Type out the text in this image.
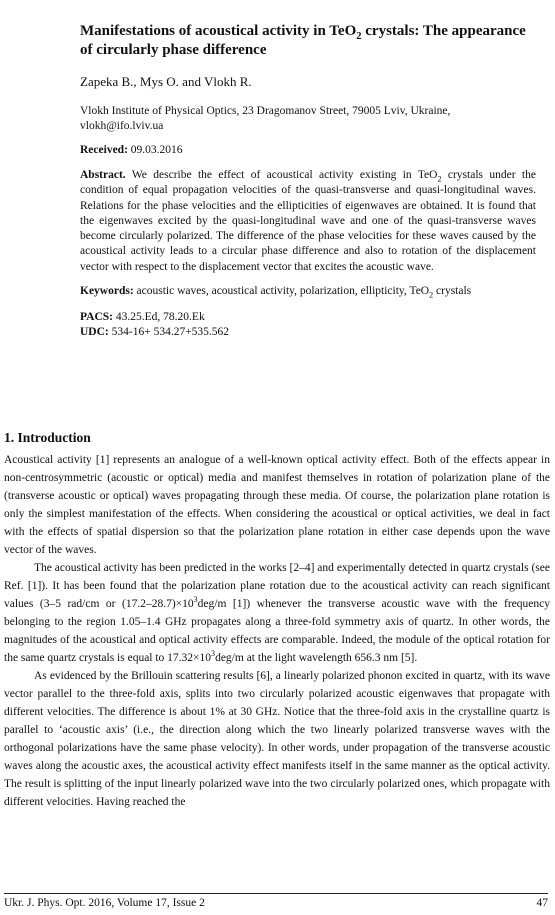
Manifestations of acoustical activity in TeO$_2$ crystals: The appearance of circularly phase difference
Zapeka B., Mys O. and Vlokh R.
Vlokh Institute of Physical Optics, 23 Dragomanov Street, 79005 Lviv, Ukraine, vlokh@ifo.lviv.ua
Received: 09.03.2016
Abstract. We describe the effect of acoustical activity existing in TeO$_2$ crystals under the condition of equal propagation velocities of the quasi-transverse and quasi-longitudinal waves. Relations for the phase velocities and the ellipticities of eigenwaves are obtained. It is found that the eigenwaves excited by the quasi-longitudinal wave and one of the quasi-transverse waves become circularly polarized. The difference of the phase velocities for these waves caused by the acoustical activity leads to a circular phase difference and also to rotation of the displacement vector with respect to the displacement vector that excites the acoustic wave.
Keywords: acoustic waves, acoustical activity, polarization, ellipticity, TeO$_2$ crystals
PACS: 43.25.Ed, 78.20.Ek
UDC: 534-16+ 534.27+535.562
1. Introduction

Acoustical activity [1] represents an analogue of a well-known optical activity effect. Both of the effects appear in non-centrosymmetric (acoustic or optical) media and manifest themselves in rotation of polarization plane of the (transverse acoustic or optical) waves propagating through these media. Of course, the polarization plane rotation is only the simplest manifestation of the effects. When considering the acoustical or optical activities, we deal in fact with the effects of spatial dispersion so that the polarization plane rotation in either case depends upon the wave vector of the waves.

The acoustical activity has been predicted in the works [2–4] and experimentally detected in quartz crystals (see Ref. [1]). It has been found that the polarization plane rotation due to the acoustical activity can reach significant values (3–5 rad/cm or $(17.2-28.7)\times 10^3deg/m$ [1]) whenever the transverse acoustic wave with the frequency belonging to the region 1.05–1.4 GHz propagates along a three-fold symmetry axis of quartz. In other words, the magnitudes of the acoustical and optical activity effects are comparable. Indeed, the module of the optical rotation for the same quartz crystals is equal to $17.32\times 10^3deg/m$ at the light wavelength 656.3 nm [5].

As evidenced by the Brillouin scattering results [6], a linearly polarized phonon excited in quartz, with its wave vector parallel to the three-fold axis, splits into two circularly polarized acoustic eigenwaves that propagate with different velocities. The difference is about 1% at 30 GHz. Notice that the three-fold axis in the crystalline quartz is parallel to ‘acoustic axis’ (i.e., the direction along which the two linearly polarized transverse waves with the orthogonal polarizations have the same phase velocity). In other words, under propagation of the transverse acoustic waves along the acoustic axes, the acoustical activity effect manifests itself in the same manner as the optical activity. The result is splitting of the input linearly polarized wave into the two circularly polarized ones, which propagate with different velocities. Having reached the

Ukr. J. Phys. Opt. 2016, Volume 17, Issue 2	47
